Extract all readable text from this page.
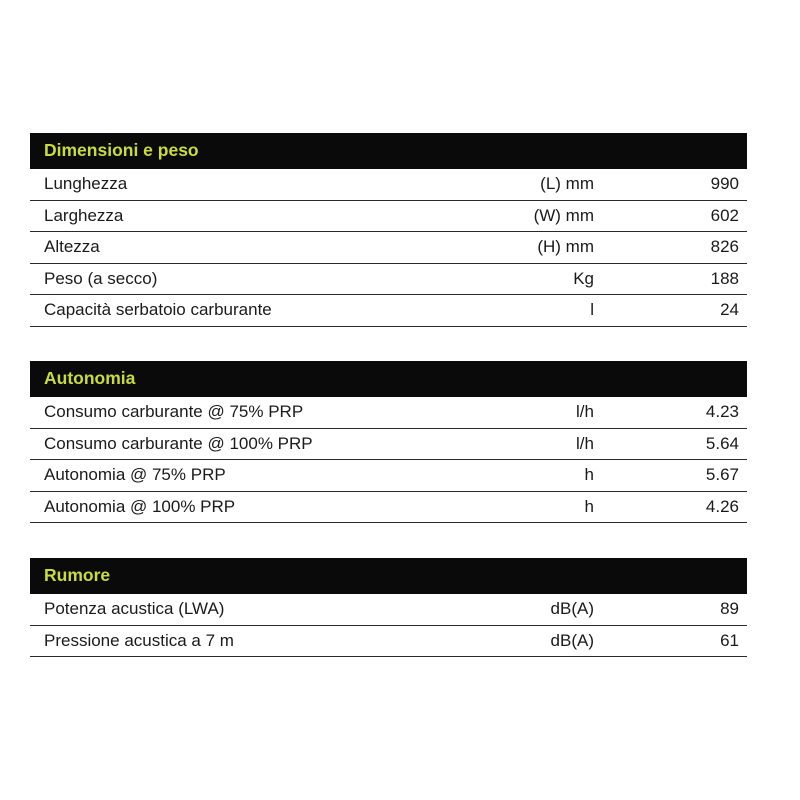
Dimensioni e peso
Lunghezza	(L) mm	990
Larghezza	(W) mm	602
Altezza	(H) mm	826
Peso (a secco)	Kg	188
Capacità serbatoio carburante	l	24
Autonomia
Consumo carburante @ 75% PRP	l/h	4.23
Consumo carburante @ 100% PRP	l/h	5.64
Autonomia @ 75% PRP	h	5.67
Autonomia @ 100% PRP	h	4.26
Rumore
Potenza acustica (LWA)	dB(A)	89
Pressione acustica a 7 m	dB(A)	61
